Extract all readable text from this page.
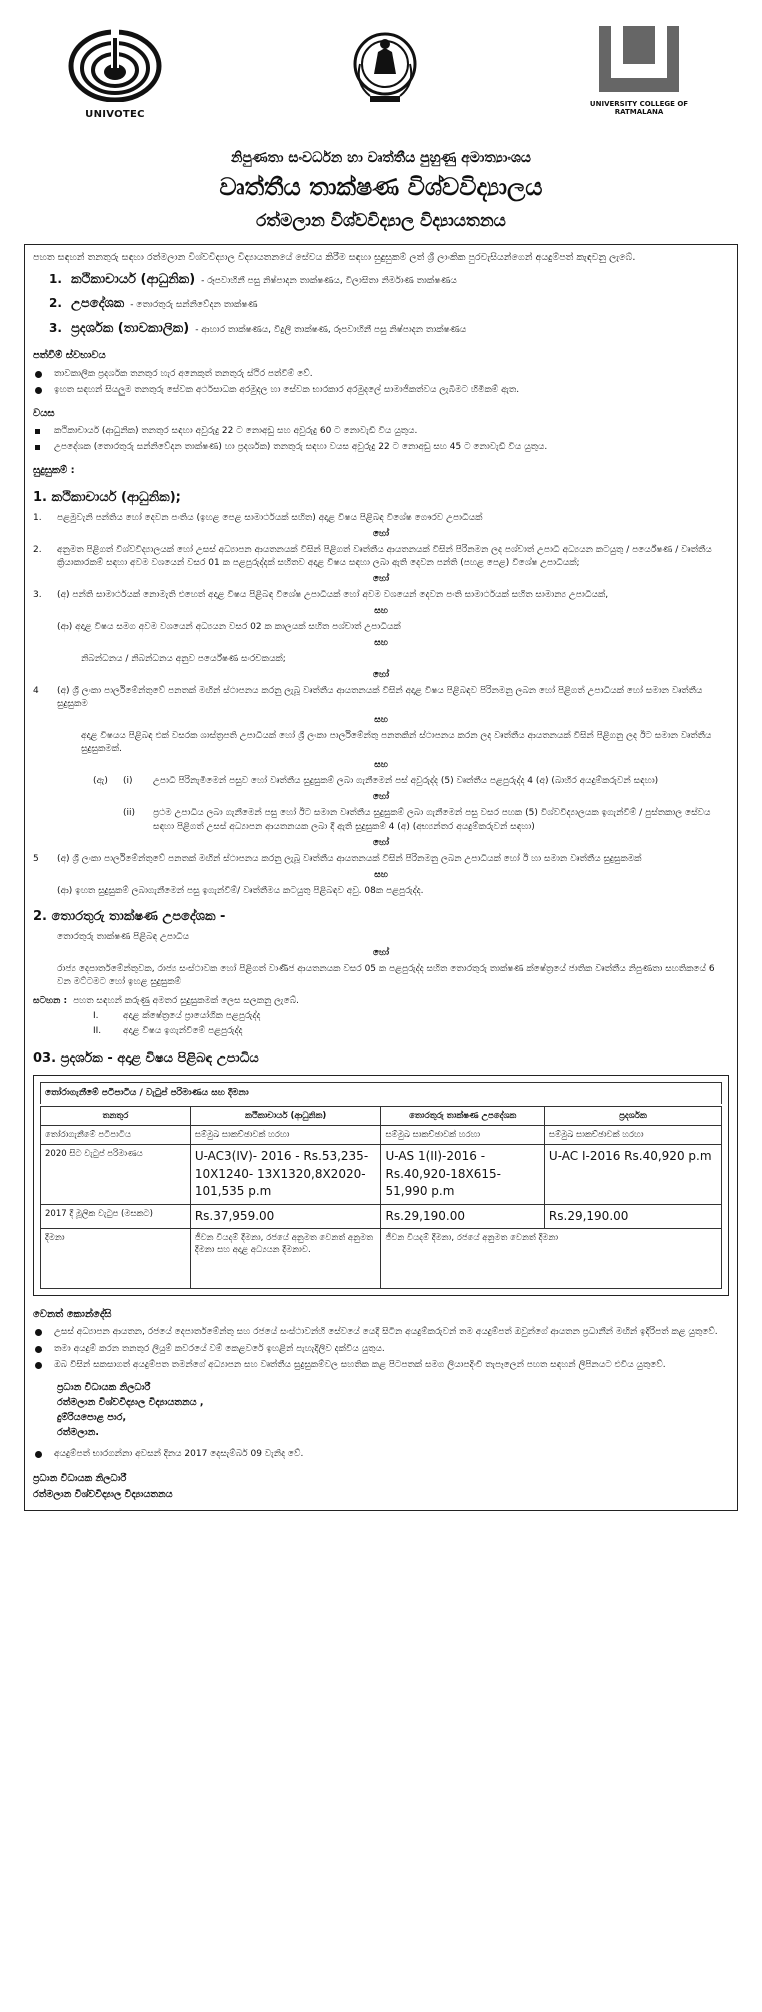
UNIVOTEC
UNIVERSITY COLLEGE OF
RATMALANA
නිපුණතා සංවර්ධන හා වෘත්තීය පුහුණු අමාත්‍යාංශය
වෘත්තීය තාක්ෂණ විශ්වවිද්‍යාලය
රත්මලාන විශ්වවිද්‍යාල විද්‍යායතනය
පහත සඳහන් තනතුරු සඳහා රත්මලාන විශ්වවිද්‍යාල විද්‍යායතනයේ සේවය කිරීම සඳහා සුදුසුකම් ලත් ශ්‍රී ලාංකික පුරවැසියන්ගෙන් අයදුම්පත් කැඳවනු ලැබේ.
1. කථිකාචාර්ය (ආධුනික) - රූපවාහිනී පසු නිෂ්පාදන තාක්ෂණය, විලාසිතා නිර්මාණ තාක්ෂණය
2. උපදේශක - තොරතුරු සන්නිවේදන තාක්ෂණ
3. ප්‍රදර්ශක (තාවකාලික) - ආහාර තාක්ෂණය, විදුලි තාක්ෂණ, රූපවාහිනී පසු නිෂ්පාදන තාක්ෂණය
පත්වීම් ස්වභාවය
තාවකාලික ප්‍රදර්ශක තනතුර හැර අනෙකුත් තනතුරු ස්ථිර පත්වීම් වේ.
ඉහත සඳහන් සියලුම තනතුරු සේවක අර්ථසාධක අරමුදල හා සේවක භාරකාර අරමුදලේ සාමාජිකත්වය ලැබීමට හිමිකම් ඇත.
වයස
කථිකාචාර්ය (ආධුනික) තනතුර සඳහා අවුරුදු 22 ට නොඅඩු සහ අවුරුදු 60 ට නොවැඩි විය යුතුය.
උපදේශක (තොරතුරු සන්නිවේදන තාක්ෂණ) හා ප්‍රදර්ශක) තනතුරු සඳහා වයස අවුරුදු 22 ට නොඅඩු සහ 45 ට නොවැඩි විය යුතුය.
සුදුසුකම් :
1. කථිකාචාර්ය (ආධුනික);
1.	පළමුවැනි පන්තිය හෝ දෙවන පංතිය (ඉහළ පෙළ සාමාර්ථයක් සහිත) අදාළ විෂය පිළිබඳ විශේෂ ගෞරව උපාධියක්
හෝ
2.	අනුමත පිළිගත් විශ්වවිද්‍යාලයක් හෝ උසස් අධ්‍යාපන ආයතනයක් විසින් පිළිගත් වෘත්තීය ආයතනයක් විසින් පිරිනමන ලද පශ්චාත් උපාධි අධ්‍යයන කටයුතු / පර්යේෂණ / වෘත්තීය ක්‍රියාකාරකම් සඳහා අවම වශයෙන් වසර 01 ක පළපුරුද්දක් සහිතව අදාළ විෂය සඳහා ලබා ඇති දෙවන පන්ති (පහළ පෙළ) විශේෂ උපාධියක්;
හෝ
3.	(අ) පන්ති සාමාර්ථයක් නොමැති එහෙත් අදාළ විෂය පිළිබඳ විශේෂ උපාධියක් හෝ අවම වශයෙන් දෙවන පංති සාමාර්ථයක් සහිත සාමාන්‍ය උපාධියක්,
සහ
(ආ) අදාළ විෂය සමග අවම වශයෙන් අධ්‍යයන වසර 02 ක කාලයක් සහිත පශ්චාත් උපාධියක්
සහ
නිබන්ධනය / නිබන්ධනය අනුව පර්යේෂණ සංරචකයක්;
හෝ
4	(අ) ශ්‍රී ලංකා පාර්ලිමේන්තුවේ පනතක් මඟින් ස්ථාපනය කරනු ලැබූ වෘත්තීය ආයතනයක් විසින් අදාළ විෂය පිළිබඳව පිරිනමනු ලබන හෝ පිළිගත් උපාධියක් හෝ සමාන වෘත්තීය සුදුසුකම
සහ
අදාළ විෂයය පිළිබඳ එක් වසරක ශාස්ත්‍රපති උපාධියක් හෝ ශ්‍රී ලංකා පාර්ලිමේන්තු පනතකින් ස්ථාපනය කරන ලද වෘත්තීය ආයතනයක් විසින් පිළිගනු ලද ඊට සමාන වෘත්තීය සුදුසුකමක්.
සහ
(ඇ)	(i)	උපාධි පිරිනැමීමෙන් පසුව හෝ වෘත්තීය සුදුසුකම් ලබා ගැනීමෙන් පස් අවුරුද්ද (5) වෘත්තීය පළපුරුද්ද 4 (අ) (බාහිර අයදුම්කරුවන් සඳහා)
හෝ
(ii)	ප්‍රථම උපාධිය ලබා ගැනීමෙන් පසු හෝ ඊට සමාන වෘත්තීය සුදුසුකම් ලබා ගැනීමෙන් පසු වසර පහක (5) විශ්වවිද්‍යාලයක ඉගැන්වීම් / පුස්තකාල සේවය සඳහා පිළිගත් උසස් අධ්‍යාපන ආයතනයක ලබා දී ඇති සුදුසුකම් 4 (අ) (අභ්‍යන්තර අයදුම්කරුවන් සඳහා)
හෝ
5	(අ) ශ්‍රී ලංකා පාර්ලිමේන්තුවේ පනතක් මඟින් ස්ථාපනය කරනු ලැබූ වෘත්තීය ආයතනයක් විසින් පිරිනමනු ලබන උපාධියක් හෝ ඊ හා සමාන වෘත්තීය සුදුසුකමක්
සහ
(ආ) ඉහත සුදුසුකම් ලබාගැනීමෙන් පසු ඉගැන්වීම්/ වෘත්තීමය කටයුතු පිළිබඳව අවු. 08ක පළපුරුද්ද.
2. තොරතුරු තාක්ෂණ උපදේශක -
තොරතුරු තාක්ෂණ පිළිබඳ උපාධිය
හෝ
රාජ්‍ය දෙපාර්තමේන්තුවක, රාජ්‍ය සංස්ථාවක හෝ පිළිගත් වාණිජ ආයතනයක වසර 05 ක පළපුරුද්ද සහිත තොරතුරු තාක්ෂණ ක්ෂේත්‍රයේ ජාතික වෘත්තීය නිපුණතා සහතිකයේ 6 වන මට්ටමට හෝ ඉහළ සුදුසුකම්
සටහන : පහත සඳහන් කරුණු අමතර සුදුසුකමක් ලෙස සලකනු ලැබේ.
I.	අදාළ ක්ෂේත්‍රයේ ප්‍රායෝගික පළපුරුද්ද
II. අදාළ විෂය ඉගැන්වීමේ පළපුරුද්ද
03. ප්‍රදර්ශක - අදාළ විෂය පිළිබඳ උපාධිය
තෝරාගැනීමේ පටිපාටිය / වැටුප් පරිමාණය සහ දීමනා
තනතුර	කථිකාචාර්ය (ආධුනික)	තොරතුරු තාක්ෂණ උපදේශක	ප්‍රදර්ශක
තෝරාගැනීමේ පටිපාටිය	සම්මුඛ සාකච්ඡාවක් හරහා	සම්මුඛ සාකච්ඡාවක් හරහා	සම්මුඛ සාකච්ඡාවක් හරහා
2020 සිට වැටුප් පරිමාණය	U-AC3(IV)- 2016 - Rs.53,235-10X1240- 13X1320,8X2020-101,535 p.m	U-AS 1(II)-2016 - Rs.40,920-18X615-51,990 p.m	U-AC I-2016 Rs.40,920 p.m
2017 දී මූලික වැටුප (මසකට)	Rs.37,959.00	Rs.29,190.00	Rs.29,190.00
දීමනා	ජීවන වියදම් දීමනා, රජයේ අනුමත වෙනත් අනුමත දීමනා සහ අදාළ අධ්‍යයන දීමනාව.	ජීවන වියදම් දීමනා, රජයේ අනුමත වෙනත් දීමනා	
වෙනත් කොන්දේසි
උසස් අධ්‍යාපන ආයතන, රජයේ දෙපාර්තමේන්තු සහ රජයේ සංස්ථාවන්හි සේවයේ යෙදී සිටින අයදුම්කරුවන් තම අයදුම්පත් ඔවුන්ගේ ආයතන ප්‍රධානීන් මඟින් ඉදිරිපත් කළ යුතුවේ.
තමා අයදුම් කරන තනතුර ලියුම් කවරයේ වම් කෙළවරේ ඉහළින් පැහැදිලිව දක්විය යුතුය.
ඔබ විසින් සකසාගත් අයදුම්පත තමන්ගේ අධ්‍යාපන සහ වෘත්තීය සුදුසුකම්වල සහතික කළ පිටපතක් සමග ලියාපදිංචි තැපෑලෙන් පහත සඳහන් ලිපිනයට එවිය යුතුවේ.
ප්‍රධාන විධායක නිලධාරී
රත්මලාන විශ්වවිද්‍යාල විද්‍යායතනය ,
දුම්රියපොළ පාර,
රත්මලාන.
අයදුම්පත් භාරගන්නා අවසන් දිනය 2017 දෙසැම්බර් 09 වැනිද වේ.
ප්‍රධාන විධායක නිලධාරී
රත්මලාන විශ්වවිද්‍යාල විද්‍යායතනය
